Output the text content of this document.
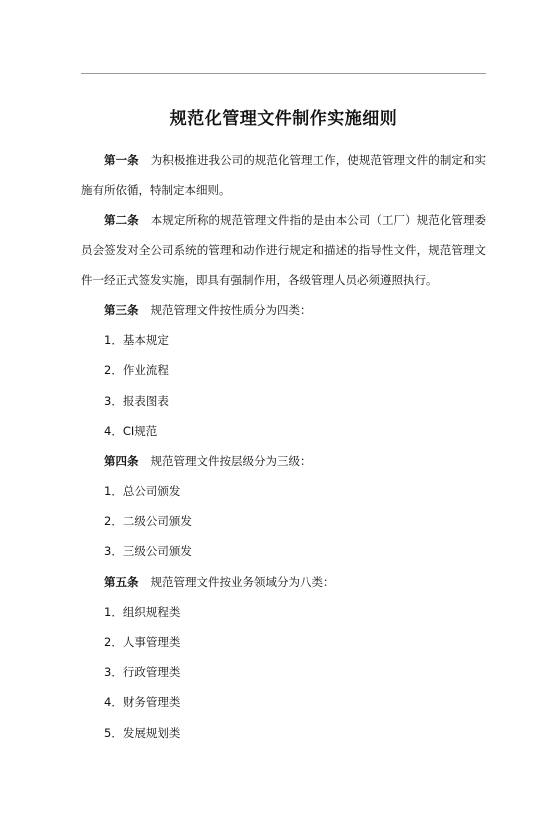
规范化管理文件制作实施细则

第一条 为积极推进我公司的规范化管理工作，使规范管理文件的制定和实施有所依循，特制定本细则。

第二条 本规定所称的规范管理文件指的是由本公司（工厂）规范化管理委员会签发对全公司系统的管理和动作进行规定和描述的指导性文件，规范管理文件一经正式签发实施，即具有强制作用，各级管理人员必须遵照执行。

第三条 规范管理文件按性质分为四类：

1．基本规定

2．作业流程

3．报表图表

4．CI规范

第四条 规范管理文件按层级分为三级：

1．总公司颁发

2．二级公司颁发

3．三级公司颁发

第五条 规范管理文件按业务领域分为八类：

1．组织规程类

2．人事管理类

3．行政管理类

4．财务管理类

5．发展规划类
